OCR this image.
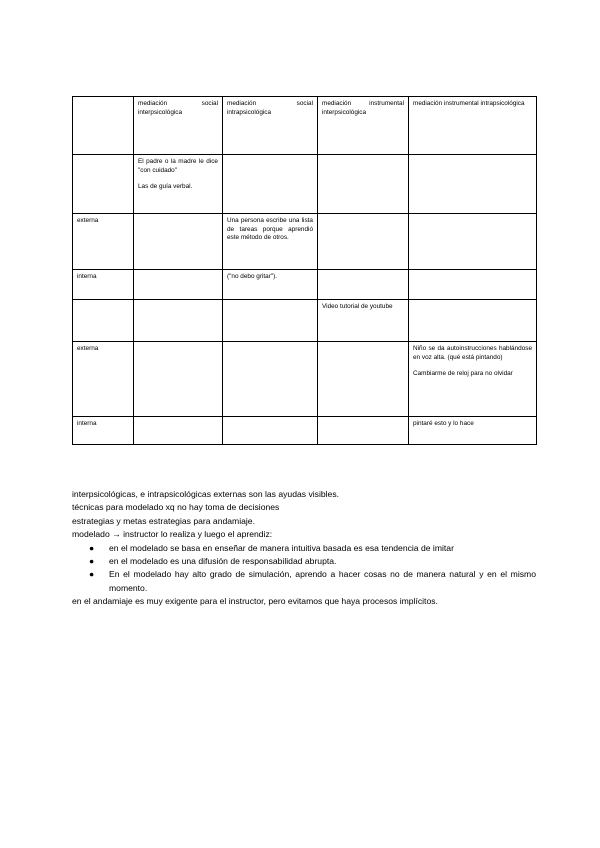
	mediación social interpsicológica	mediación social intrapsicológica	mediación instrumental interpsicológica	mediación instrumental intrapsicológica

	El padre o la madre le dice "con cuidado"

Las de guía verbal.			

externa		Una persona escribe una lista de tareas porque aprendió este método de otros.		

interna		("no debo gritar").		

			Video tutorial de youtube	

externa				Niño se da autoinstrucciones hablándose en voz alta. (qué está pintando)

Cambiarme de reloj para no olvidar

interna				pintaré esto y lo hace

interpsicológicas, e intrapsicológicas externas son las ayudas visibles.

técnicas para modelado xq no hay toma de decisiones

estrategias y metas estrategias para andamiaje.

modelado → instructor lo realiza y luego el aprendiz:

● en el modelado se basa en enseñar de manera intuitiva basada es esa tendencia de imitar
● en el modelado es una difusión de responsabilidad abrupta.
● En el modelado hay alto grado de simulación, aprendo a hacer cosas no de manera natural y en el mismo momento.

en el andamiaje es muy exigente para el instructor, pero evitamos que haya procesos implícitos.
